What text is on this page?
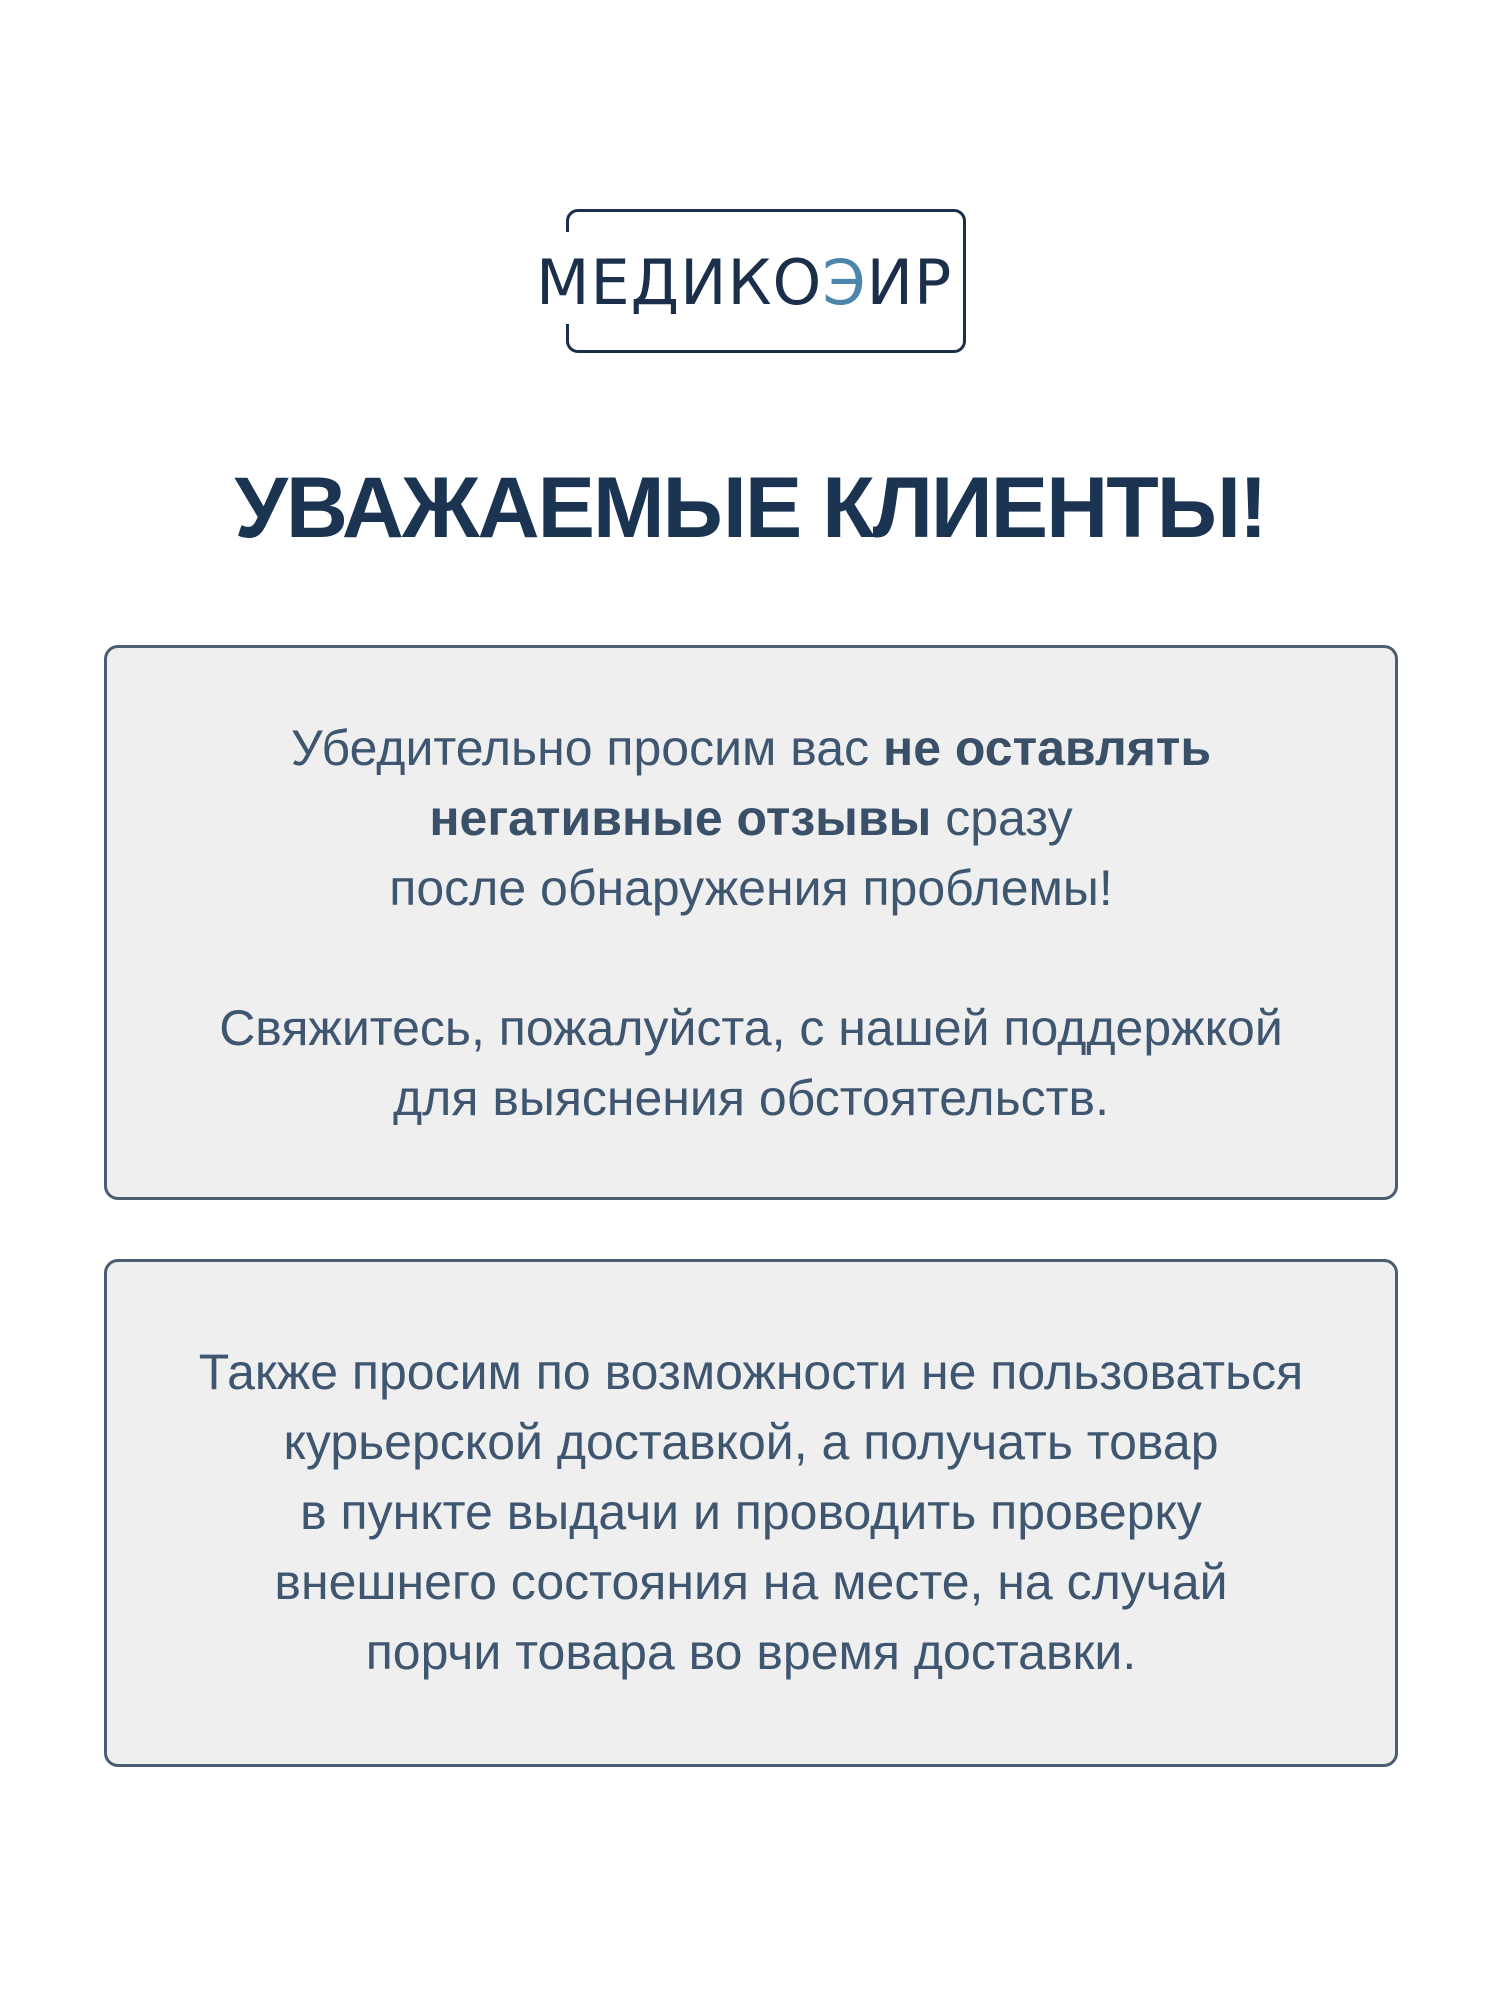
МЕДИКОЭИР
УВАЖАЕМЫЕ КЛИЕНТЫ!

Убедительно просим вас не оставлять
негативные отзывы сразу
после обнаружения проблемы!

Свяжитесь, пожалуйста, с нашей поддержкой
для выяснения обстоятельств.

Также просим по возможности не пользоваться
курьерской доставкой, а получать товар
в пункте выдачи и проводить проверку
внешнего состояния на месте, на случай
порчи товара во время доставки.
